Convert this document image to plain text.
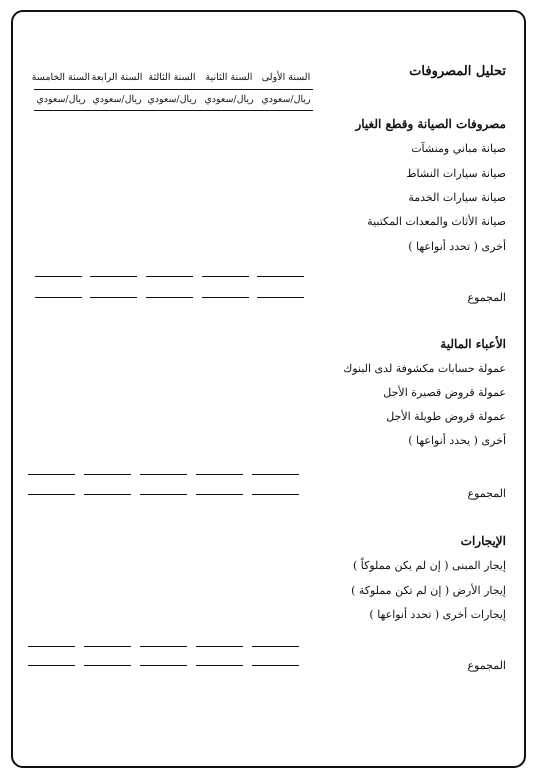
تحليل المصروفات
السنة الأولى
السنة الثانية
السنة الثالثة
السنة الرابعة
السنة الخامسة
ريال/سعودي
ريال/سعودي
ريال/سعودي
ريال/سعودي
ريال/سعودي
مصروفات الصيانة وقطع الغيار
صيانة مباني ومنشآت
صيانة سيارات النشاط
صيانة سيارات الخدمة
صيانة الأثاث والمعدات المكتبية
أخرى ( تحدد أنواعها )
المجموع
الأعباء المالية
عمولة حسابات مكشوفة لدى البنوك
عمولة قروض قصيرة الأجل
عمولة قروض طويلة الأجل
أخرى ( يحدد أنواعها )
المجموع
الإيجارات
إيجار المبنى ( إن لم يكن مملوكاً )
إيجار الأرض ( إن لم تكن مملوكة )
إيجارات أخرى ( تحدد أنواعها )
المجموع
